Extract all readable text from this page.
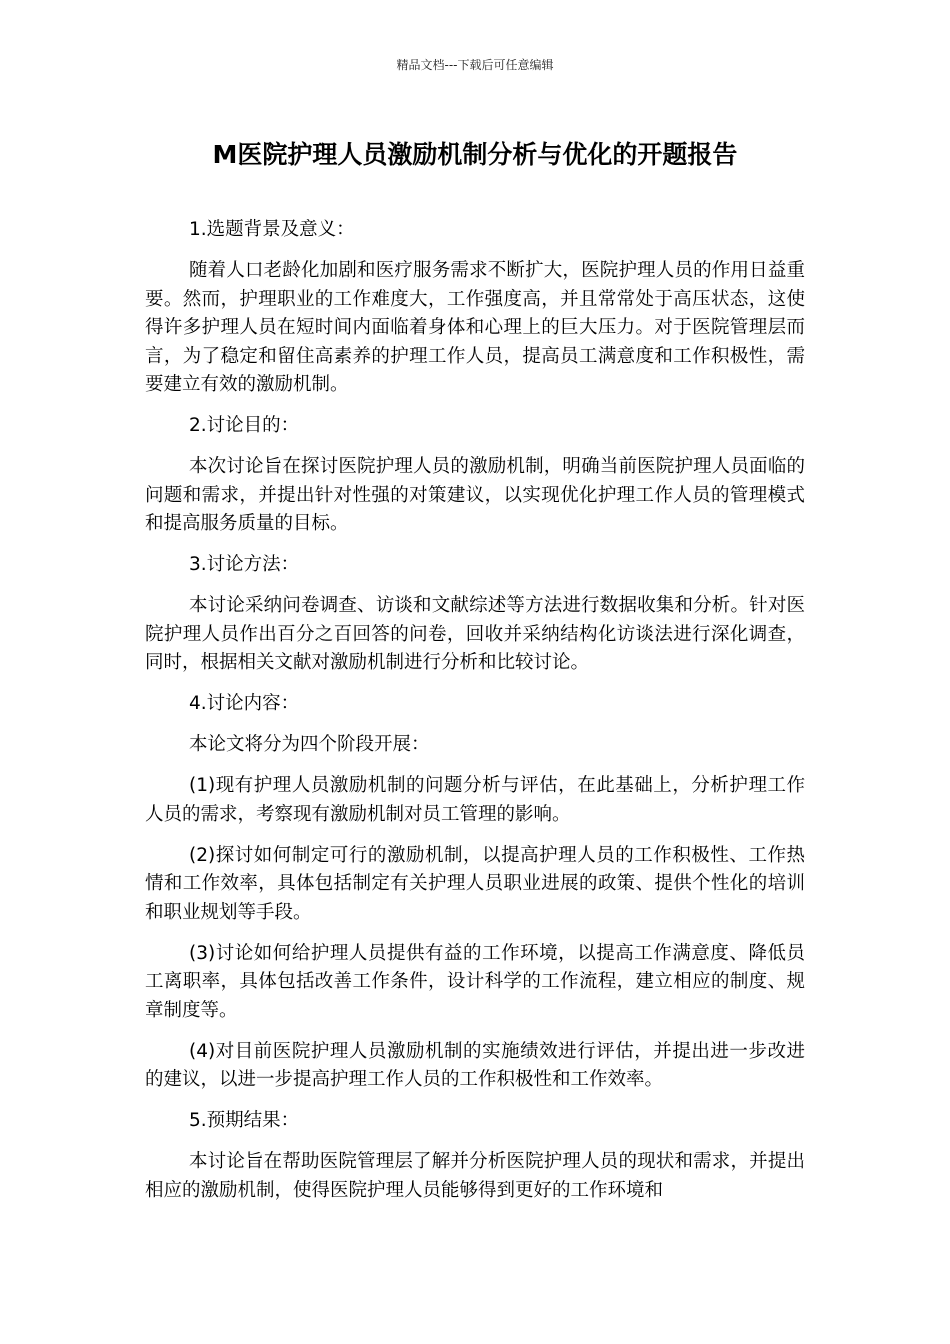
精品文档---下载后可任意编辑
M医院护理人员激励机制分析与优化的开题报告

1.选题背景及意义：

随着人口老龄化加剧和医疗服务需求不断扩大，医院护理人员的作用日益重要。然而，护理职业的工作难度大，工作强度高，并且常常处于高压状态，这使得许多护理人员在短时间内面临着身体和心理上的巨大压力。对于医院管理层而言，为了稳定和留住高素养的护理工作人员，提高员工满意度和工作积极性，需要建立有效的激励机制。

2.讨论目的：

本次讨论旨在探讨医院护理人员的激励机制，明确当前医院护理人员面临的问题和需求，并提出针对性强的对策建议，以实现优化护理工作人员的管理模式和提高服务质量的目标。

3.讨论方法：

本讨论采纳问卷调查、访谈和文献综述等方法进行数据收集和分析。针对医院护理人员作出百分之百回答的问卷，回收并采纳结构化访谈法进行深化调查，同时，根据相关文献对激励机制进行分析和比较讨论。

4.讨论内容：

本论文将分为四个阶段开展：

(1)现有护理人员激励机制的问题分析与评估，在此基础上，分析护理工作人员的需求，考察现有激励机制对员工管理的影响。

(2)探讨如何制定可行的激励机制，以提高护理人员的工作积极性、工作热情和工作效率，具体包括制定有关护理人员职业进展的政策、提供个性化的培训和职业规划等手段。

(3)讨论如何给护理人员提供有益的工作环境，以提高工作满意度、降低员工离职率，具体包括改善工作条件，设计科学的工作流程，建立相应的制度、规章制度等。

(4)对目前医院护理人员激励机制的实施绩效进行评估，并提出进一步改进的建议，以进一步提高护理工作人员的工作积极性和工作效率。

5.预期结果：

本讨论旨在帮助医院管理层了解并分析医院护理人员的现状和需求，并提出相应的激励机制，使得医院护理人员能够得到更好的工作环境和
